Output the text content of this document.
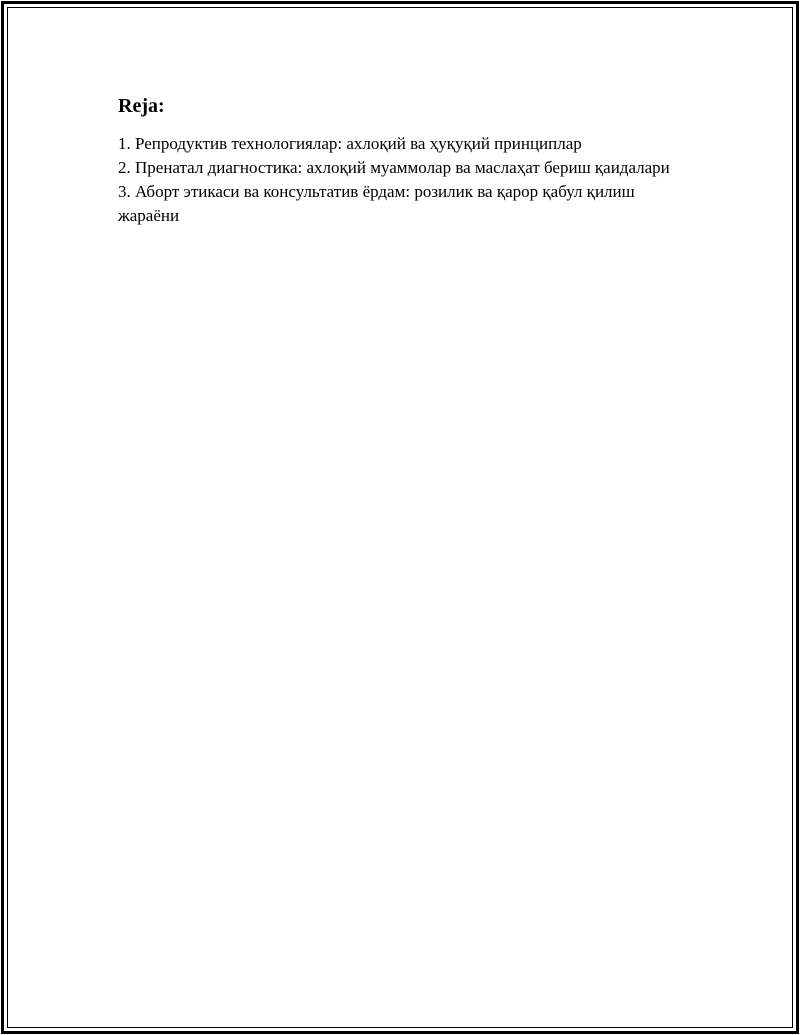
Reja:
1. Репродуктив технологиялар: ахлоқий ва ҳуқуқий принциплар
2. Пренатал диагностика: ахлоқий муаммолар ва маслаҳат бериш қаидалари
3. Аборт этикаси ва консультатив ёрдам: розилик ва қарор қабул қилиш жараёни
